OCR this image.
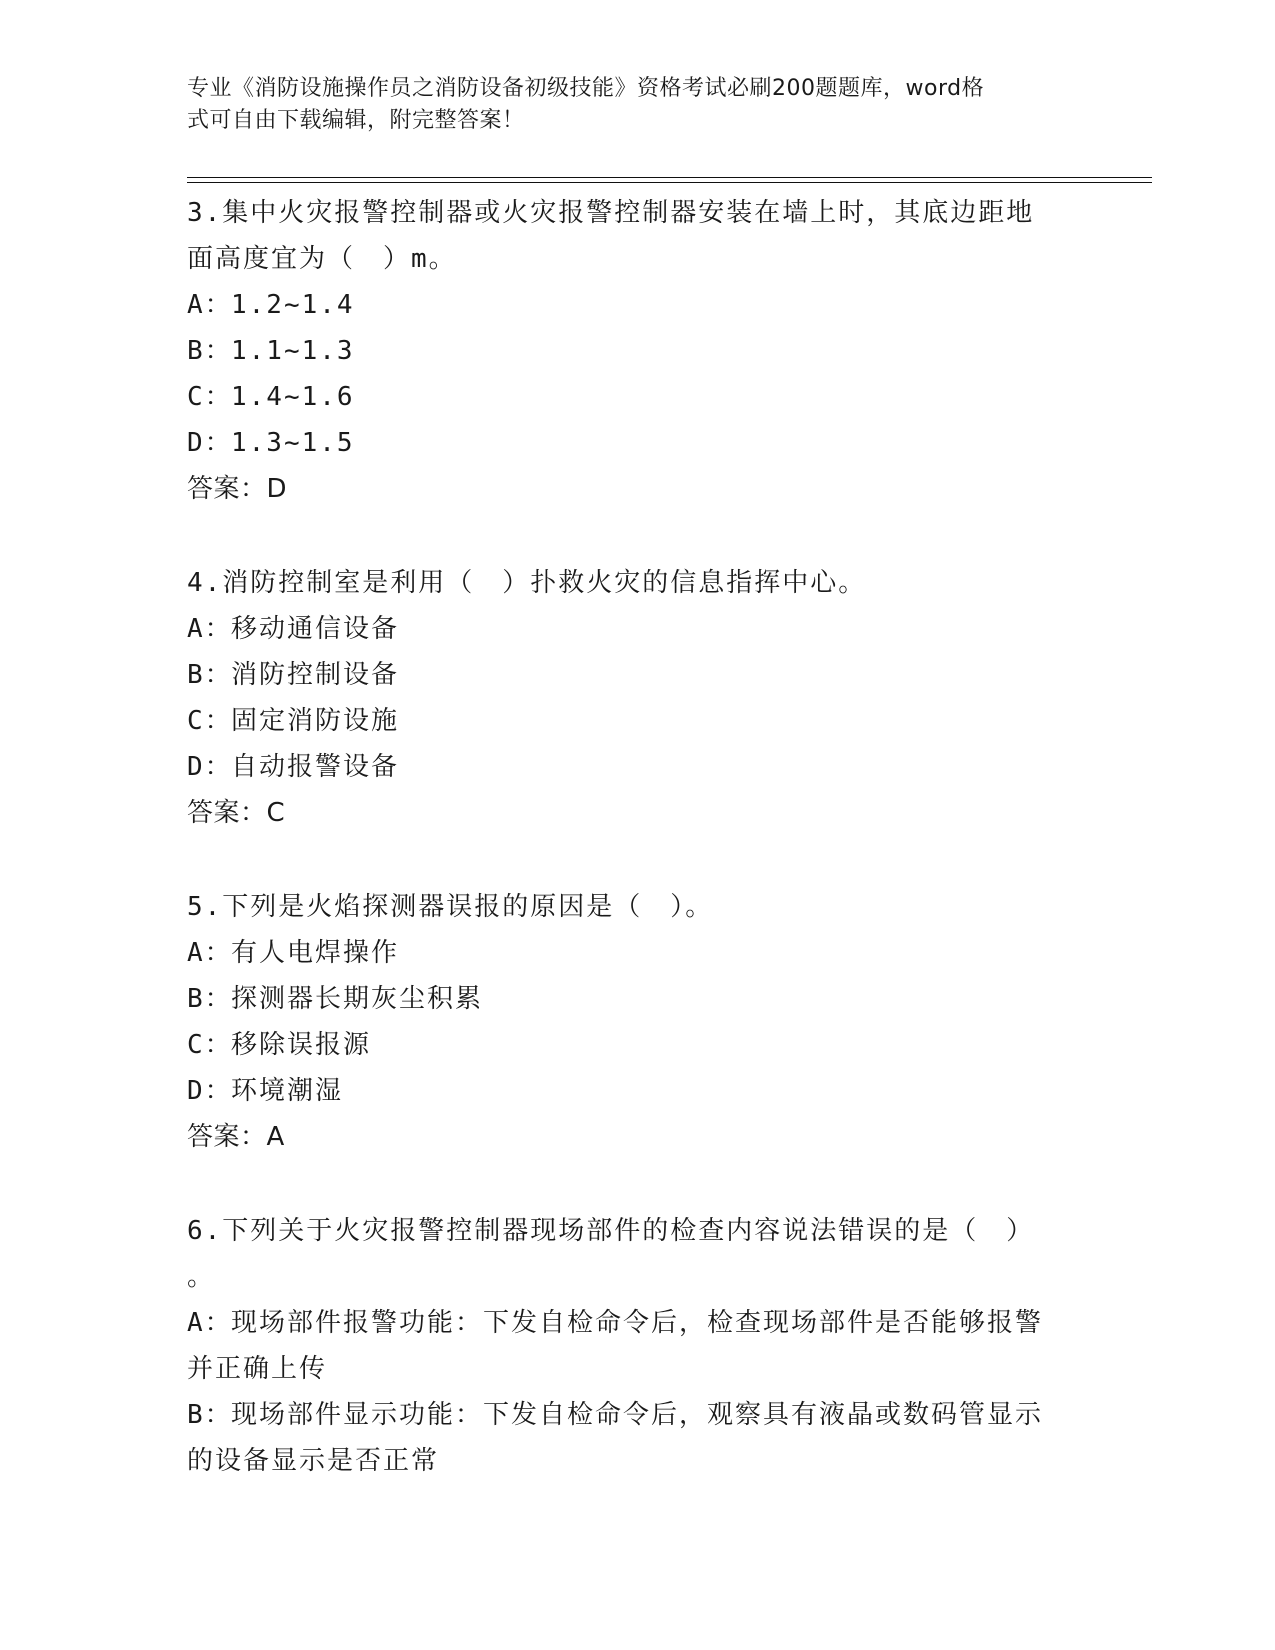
专业《消防设施操作员之消防设备初级技能》资格考试必刷200题题库，word格
式可自由下载编辑，附完整答案！
3.集中火灾报警控制器或火灾报警控制器安装在墙上时，其底边距地
面高度宜为（　）m。
A：1.2~1.4
B：1.1~1.3
C：1.4~1.6
D：1.3~1.5
答案：D
4.消防控制室是利用（　）扑救火灾的信息指挥中心。
A：移动通信设备
B：消防控制设备
C：固定消防设施
D：自动报警设备
答案：C
5.下列是火焰探测器误报的原因是（　）。
A：有人电焊操作
B：探测器长期灰尘积累
C：移除误报源
D：环境潮湿
答案：A
6.下列关于火灾报警控制器现场部件的检查内容说法错误的是（　）
。
A：现场部件报警功能：下发自检命令后，检查现场部件是否能够报警
并正确上传
B：现场部件显示功能：下发自检命令后，观察具有液晶或数码管显示
的设备显示是否正常
